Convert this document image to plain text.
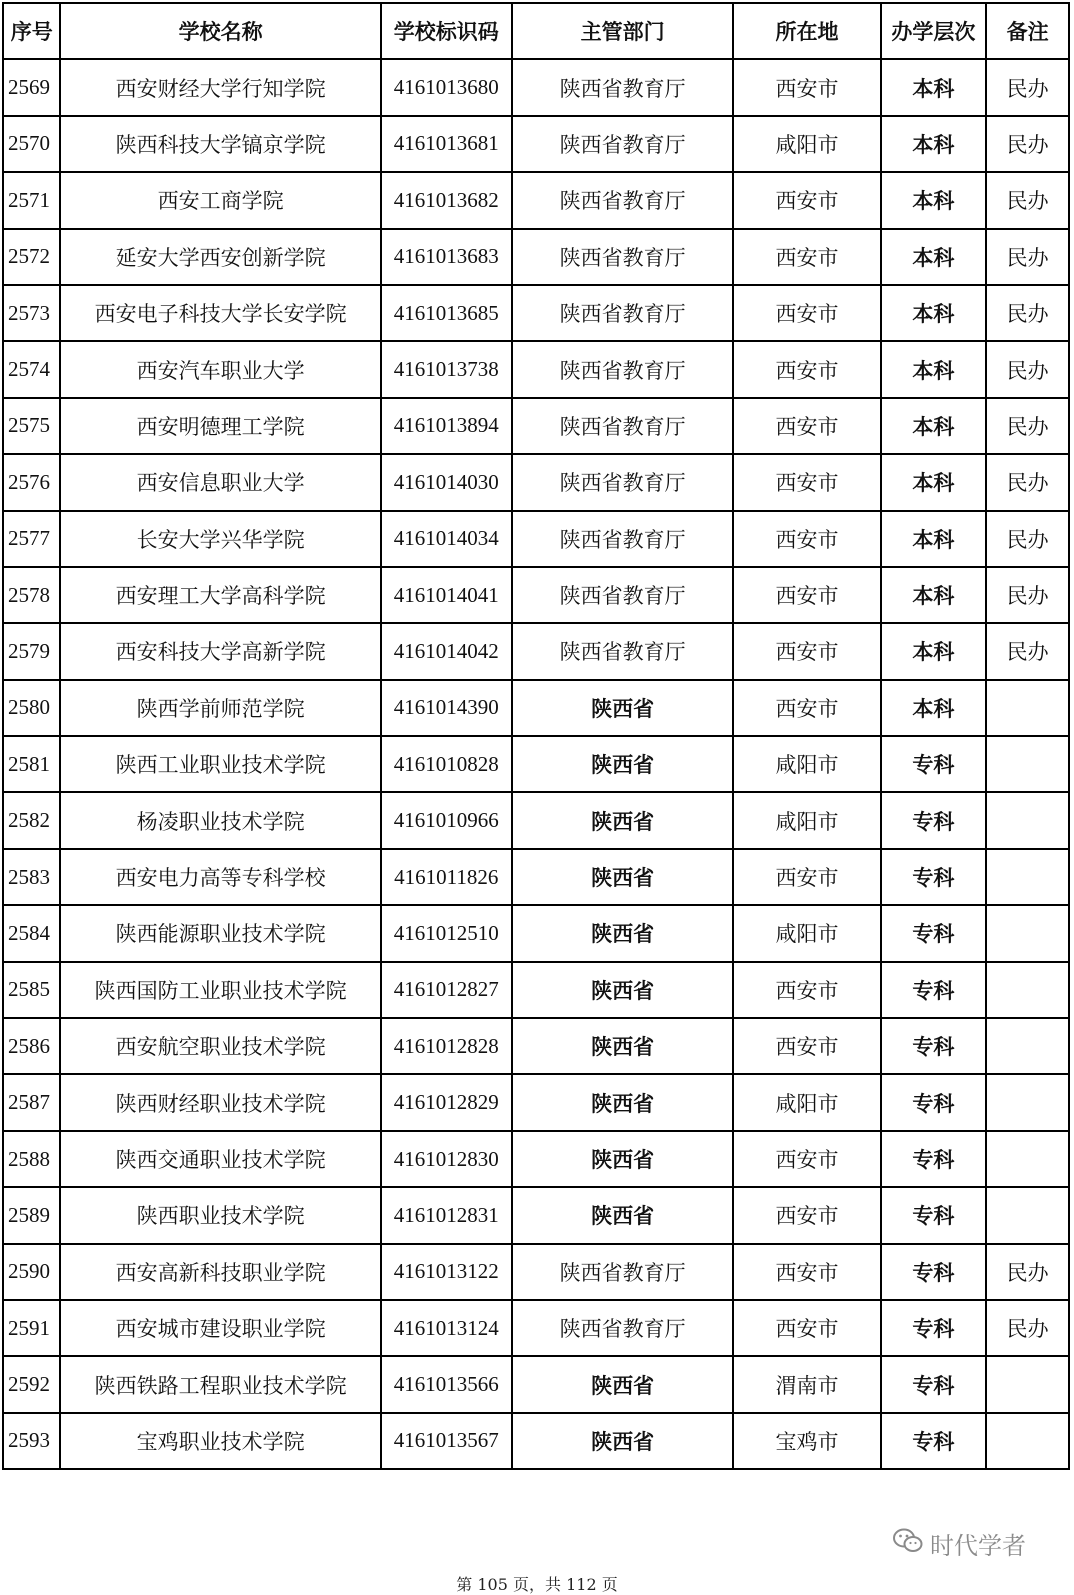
序号	学校名称	学校标识码	主管部门	所在地	办学层次	备注
2569	西安财经大学行知学院	4161013680	陕西省教育厅	西安市	本科	民办
2570	陕西科技大学镐京学院	4161013681	陕西省教育厅	咸阳市	本科	民办
2571	西安工商学院	4161013682	陕西省教育厅	西安市	本科	民办
2572	延安大学西安创新学院	4161013683	陕西省教育厅	西安市	本科	民办
2573	西安电子科技大学长安学院	4161013685	陕西省教育厅	西安市	本科	民办
2574	西安汽车职业大学	4161013738	陕西省教育厅	西安市	本科	民办
2575	西安明德理工学院	4161013894	陕西省教育厅	西安市	本科	民办
2576	西安信息职业大学	4161014030	陕西省教育厅	西安市	本科	民办
2577	长安大学兴华学院	4161014034	陕西省教育厅	西安市	本科	民办
2578	西安理工大学高科学院	4161014041	陕西省教育厅	西安市	本科	民办
2579	西安科技大学高新学院	4161014042	陕西省教育厅	西安市	本科	民办
2580	陕西学前师范学院	4161014390	陕西省	西安市	本科	
2581	陕西工业职业技术学院	4161010828	陕西省	咸阳市	专科	
2582	杨凌职业技术学院	4161010966	陕西省	咸阳市	专科	
2583	西安电力高等专科学校	4161011826	陕西省	西安市	专科	
2584	陕西能源职业技术学院	4161012510	陕西省	咸阳市	专科	
2585	陕西国防工业职业技术学院	4161012827	陕西省	西安市	专科	
2586	西安航空职业技术学院	4161012828	陕西省	西安市	专科	
2587	陕西财经职业技术学院	4161012829	陕西省	咸阳市	专科	
2588	陕西交通职业技术学院	4161012830	陕西省	西安市	专科	
2589	陕西职业技术学院	4161012831	陕西省	西安市	专科	
2590	西安高新科技职业学院	4161013122	陕西省教育厅	西安市	专科	民办
2591	西安城市建设职业学院	4161013124	陕西省教育厅	西安市	专科	民办
2592	陕西铁路工程职业技术学院	4161013566	陕西省	渭南市	专科	
2593	宝鸡职业技术学院	4161013567	陕西省	宝鸡市	专科	
时代学者
第 105 页，共 112 页
